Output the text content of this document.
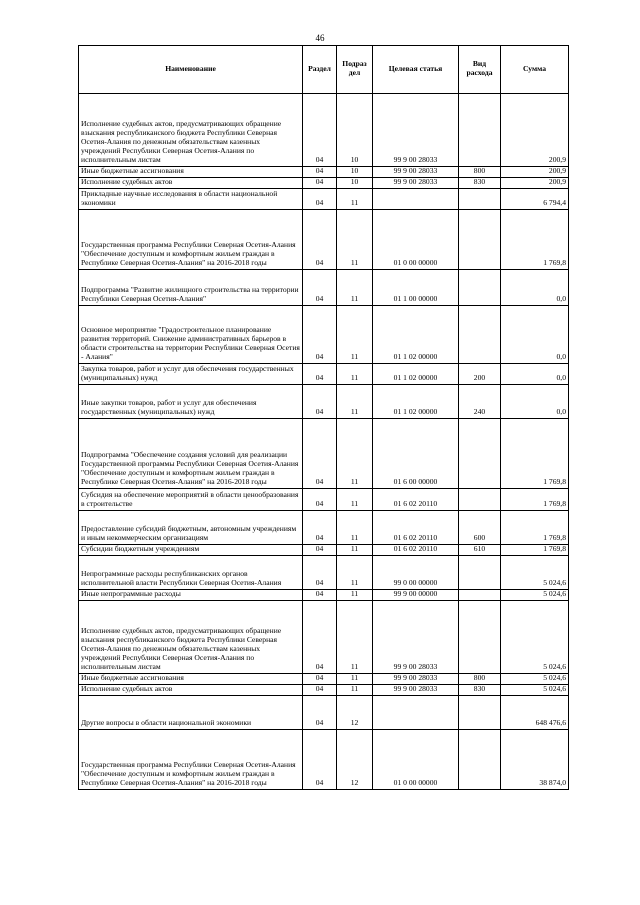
46
Наименование	Раздел	Подраз дел	Целевая статья	Вид расхода	Сумма
Исполнение судебных актов, предусматривающих обращение взыскания республиканского бюджета Республики Северная Осетия-Алания по денежным обязательствам казенных учреждений Республики Северная Осетия-Алания по исполнительным листам	04	10	99 9 00 28033		200,9
Иные бюджетные ассигнования	04	10	99 9 00 28033	800	200,9
Исполнение судебных актов	04	10	99 9 00 28033	830	200,9
Прикладные научные исследования в области национальной экономики	04	11			6 794,4
Государственная программа Республики Северная Осетия-Алания "Обеспечение доступным и комфортным жильем граждан в Республике Северная Осетия-Алания" на 2016-2018 годы	04	11	01 0 00 00000		1 769,8
Подпрограмма "Развитие жилищного строительства на территории Республики Северная Осетия-Алания"	04	11	01 1 00 00000		0,0
Основное мероприятие "Градостроительное планирование развития территорий. Снижение административных барьеров в области строительства на территории Республики Северная Осетия - Алания"	04	11	01 1 02 00000		0,0
Закупка товаров, работ и услуг для обеспечения государственных (муниципальных) нужд	04	11	01 1 02 00000	200	0,0
Иные закупки товаров, работ и услуг для обеспечения государственных (муниципальных) нужд	04	11	01 1 02 00000	240	0,0
Подпрограмма "Обеспечение создания условий для реализации Государственной программы Республики Северная Осетия-Алания "Обеспечение доступным и комфортным жильем граждан в Республике Северная Осетия-Алания" на 2016-2018 годы	04	11	01 6 00 00000		1 769,8
Субсидия на обеспечение мероприятий в области ценообразования в строительстве	04	11	01 6 02 20110		1 769,8
Предоставление субсидий бюджетным, автономным учреждениям и иным некоммерческим организациям	04	11	01 6 02 20110	600	1 769,8
Субсидии бюджетным учреждениям	04	11	01 6 02 20110	610	1 769,8
Непрограммные расходы республиканских органов исполнительной власти Республики Северная Осетия-Алания	04	11	99 0 00 00000		5 024,6
Иные непрограммные расходы	04	11	99 9 00 00000		5 024,6
Исполнение судебных актов, предусматривающих обращение взыскания республиканского бюджета Республики Северная Осетия-Алания по денежным обязательствам казенных учреждений Республики Северная Осетия-Алания по исполнительным листам	04	11	99 9 00 28033		5 024,6
Иные бюджетные ассигнования	04	11	99 9 00 28033	800	5 024,6
Исполнение судебных актов	04	11	99 9 00 28033	830	5 024,6
Другие вопросы в области национальной экономики	04	12			648 476,6
Государственная программа Республики Северная Осетия-Алания "Обеспечение доступным и комфортным жильем граждан в Республике Северная Осетия-Алания" на 2016-2018 годы	04	12	01 0 00 00000		38 874,0
